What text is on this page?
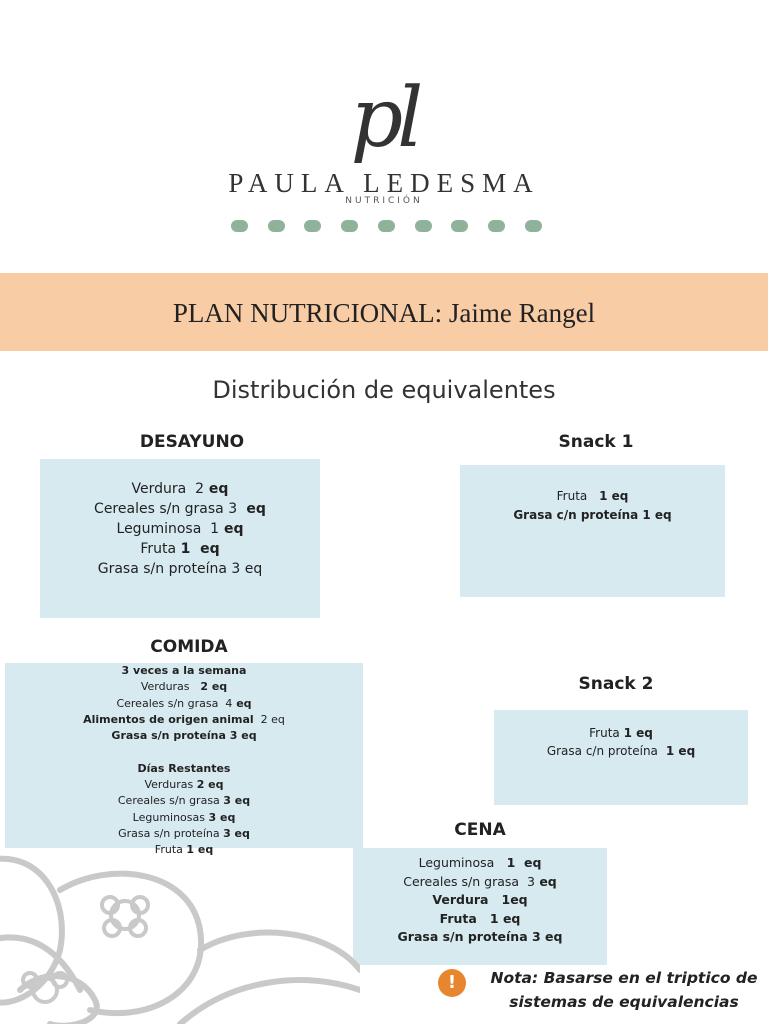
pl
PAULA LEDESMA
NUTRICIÓN
PLAN NUTRICIONAL: Jaime Rangel
Distribución de equivalentes
DESAYUNO	Snack 1
COMIDA
Snack 2
CENA
Verdura  2 eq
Cereales s/n grasa 3  eq
Leguminosa  1 eq
Fruta 1  eq
Grasa s/n proteína 3 eq
Fruta   1 eq
Grasa c/n proteína 1 eq
3 veces a la semana
Verduras   2 eq
Cereales s/n grasa  4 eq
Alimentos de origen animal  2 eq
Grasa s/n proteína 3 eq

Días Restantes
Verduras 2 eq
Cereales s/n grasa 3 eq
Leguminosas 3 eq
Grasa s/n proteína 3 eq
Fruta 1 eq
Fruta 1 eq
Grasa c/n proteína  1 eq
Leguminosa   1  eq
Cereales s/n grasa  3 eq
Verdura   1eq
Fruta   1 eq
Grasa s/n proteína 3 eq
!	Nota: Basarse en el triptico de
sistemas de equivalencias
